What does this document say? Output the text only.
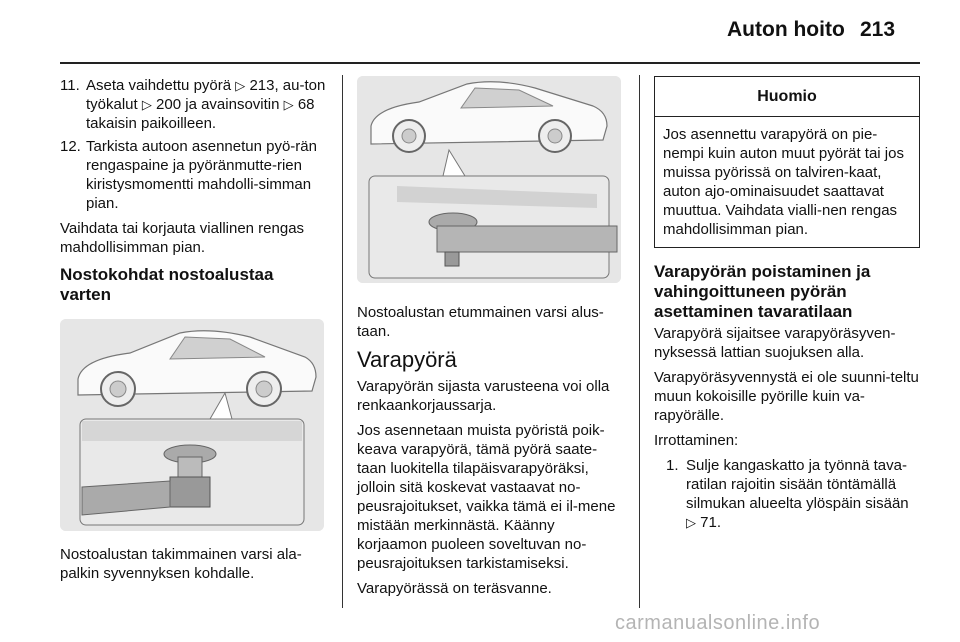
Auton hoito 213
11. Aseta vaihdettu pyörä ▷ 213, au-ton työkalut ▷ 200 ja avainsovitin ▷ 68 takaisin paikoilleen.
12. Tarkista autoon asennetun pyö-rän rengaspaine ja pyöränmutte-rien kiristysmomentti mahdolli-simman pian.

Vaihdata tai korjauta viallinen rengas mahdollisimman pian.

Nostokohdat nostoalustaa varten

Nostoalustan takimmainen varsi ala-palkin syvennyksen kohdalle.

Nostoalustan etummainen varsi alus-taan.

Varapyörä

Varapyörän sijasta varusteena voi olla renkaankorjaussarja.

Jos asennetaan muista pyöristä poik-keava varapyörä, tämä pyörä saate-taan luokitella tilapäisvarapyöräksi, jolloin sitä koskevat vastaavat no-peusrajoitukset, vaikka tämä ei il-mene mistään merkinnästä. Käänny korjaamon puoleen soveltuvan no-peusrajoituksen tarkistamiseksi.

Varapyörässä on teräsvanne.

Huomio
Jos asennettu varapyörä on pie-nempi kuin auton muut pyörät tai jos muissa pyörissä on talviren-kaat, auton ajo-ominaisuudet saattavat muuttua. Vaihdata vialli-nen rengas mahdollisimman pian.
Varapyörän poistaminen ja vahingoittuneen pyörän asettaminen tavaratilaan

Varapyörä sijaitsee varapyöräsyven-nyksessä lattian suojuksen alla.

Varapyöräsyvennystä ei ole suunni-teltu muun kokoisille pyörille kuin va-rapyörälle.

Irrottaminen:

1. Sulje kangaskatto ja työnnä tava-ratilan rajoitin sisään töntämällä silmukan alueelta ylöspäin sisään ▷ 71.
carmanualsonline.info
